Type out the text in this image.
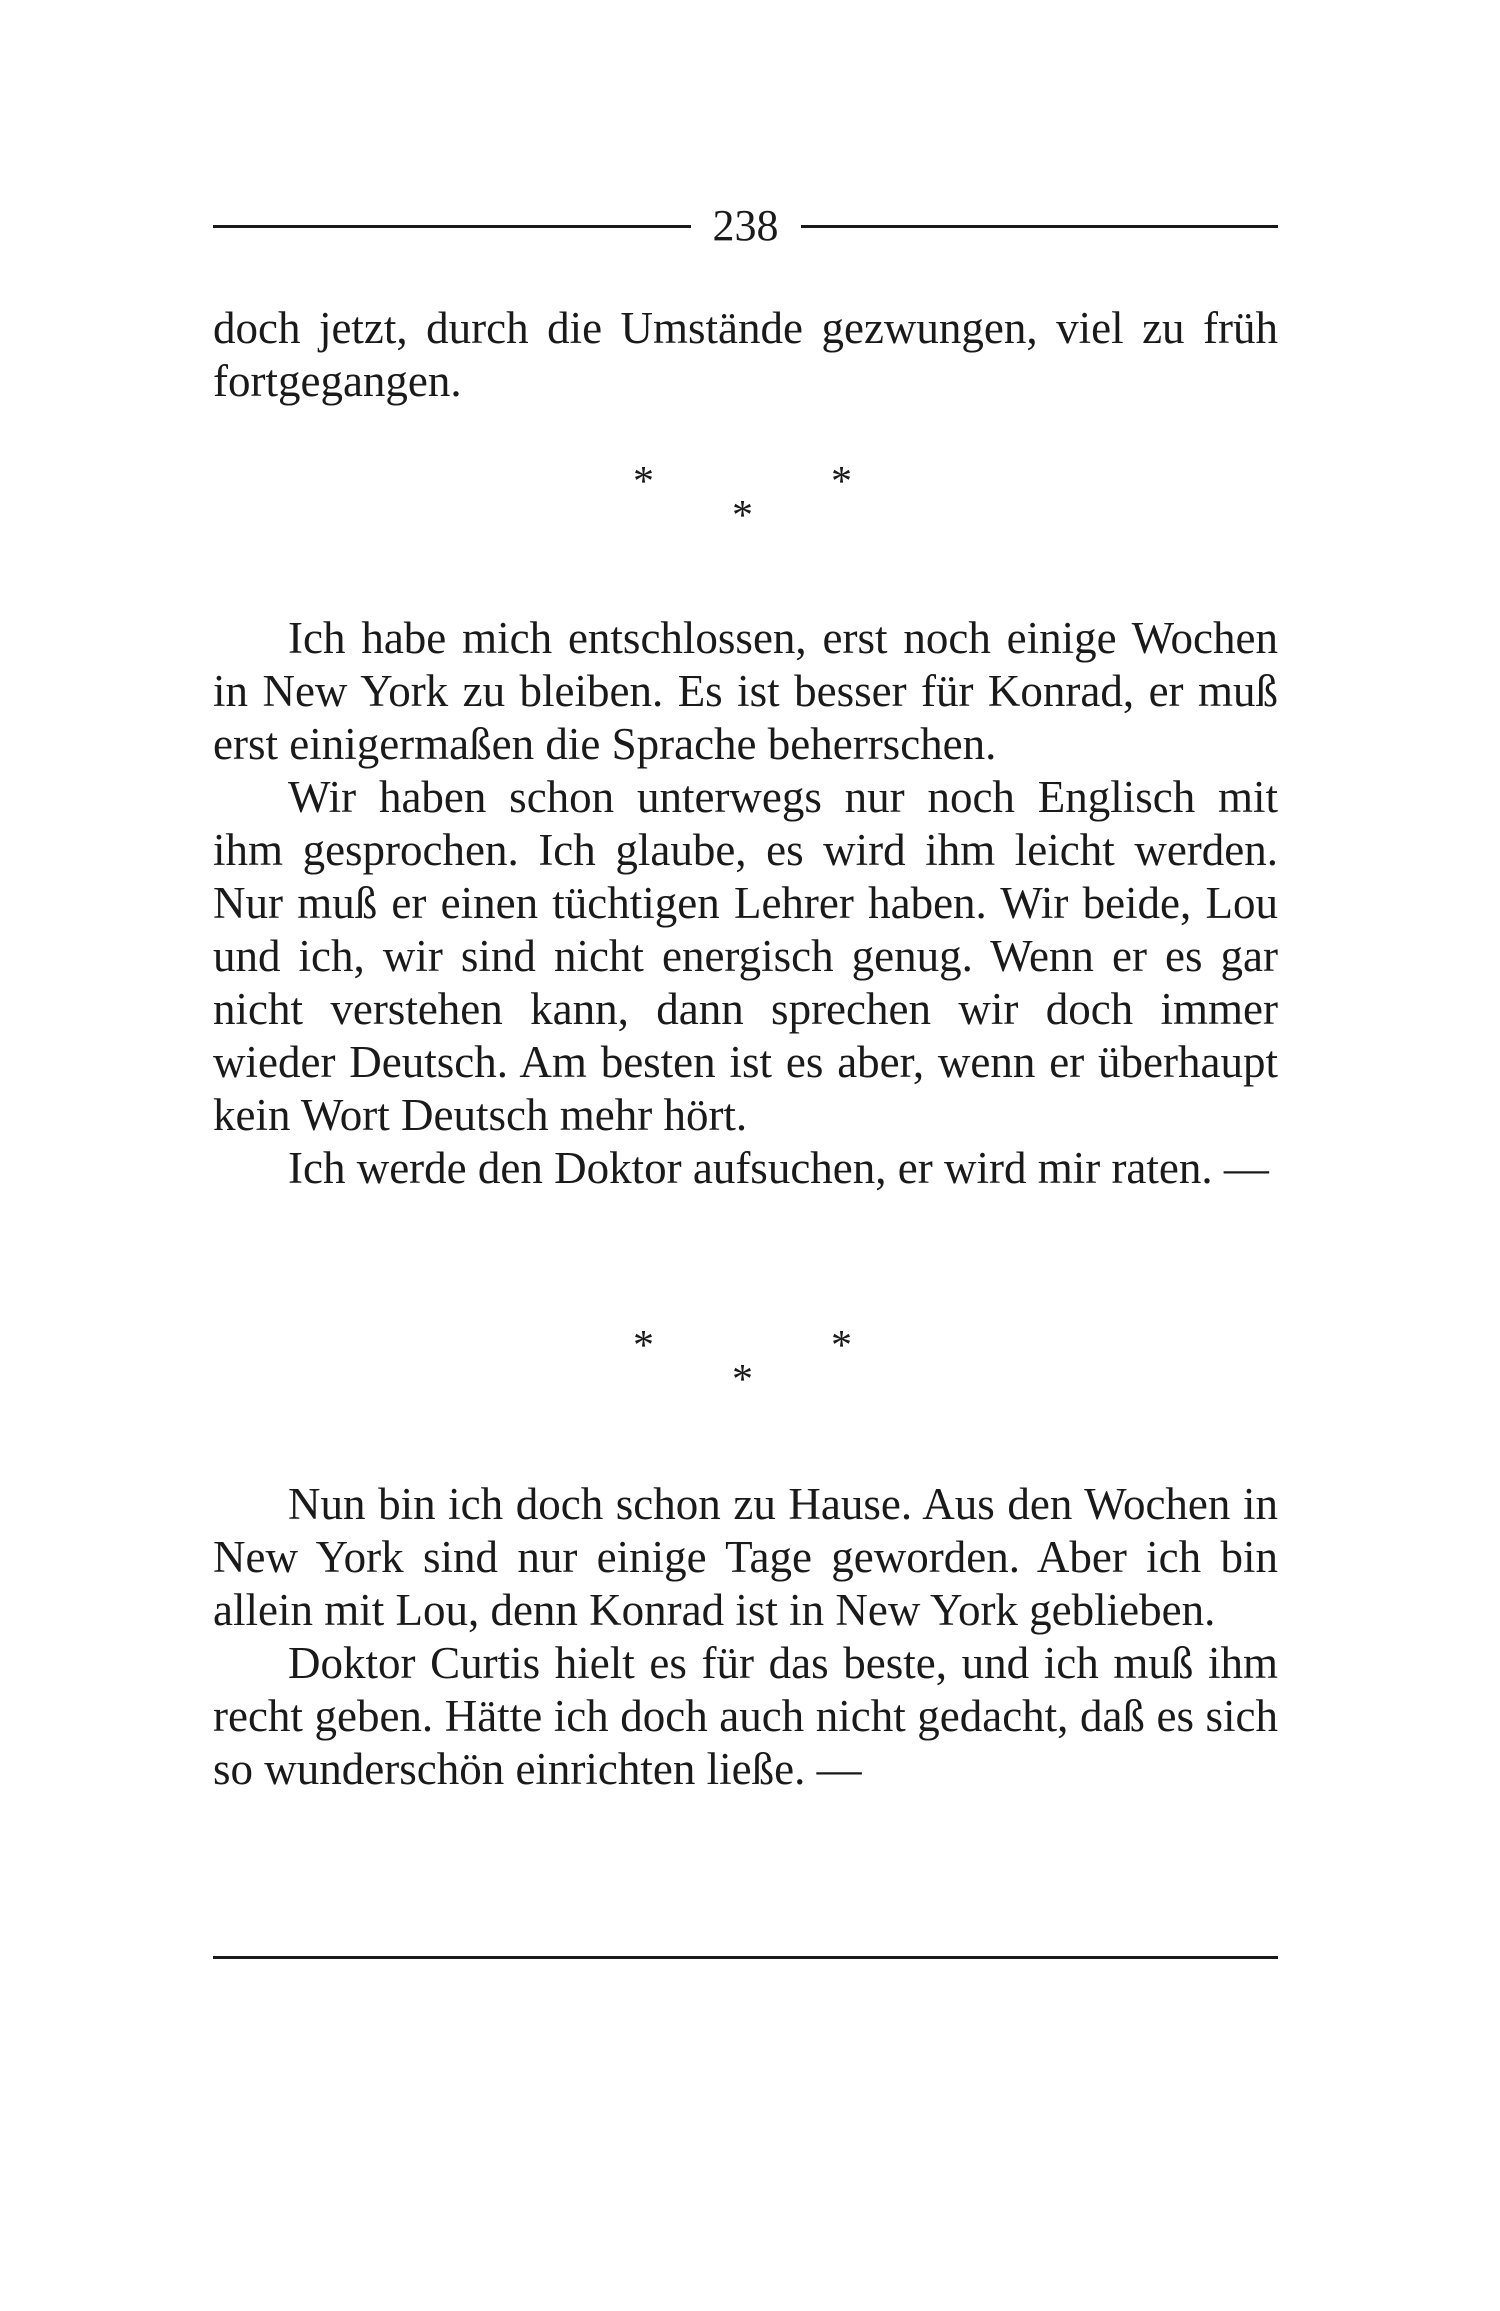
238

doch jetzt, durch die Umstände gezwungen, viel zu früh fortgegangen.

*	*
*

Ich habe mich entschlossen, erst noch einige Wochen in New York zu bleiben. Es ist besser für Konrad, er muß erst einigermaßen die Sprache beherrschen.

Wir haben schon unterwegs nur noch Englisch mit ihm gesprochen. Ich glaube, es wird ihm leicht werden. Nur muß er einen tüchtigen Lehrer haben. Wir beide, Lou und ich, wir sind nicht energisch genug. Wenn er es gar nicht verstehen kann, dann sprechen wir doch immer wieder Deutsch. Am besten ist es aber, wenn er überhaupt kein Wort Deutsch mehr hört.

Ich werde den Doktor aufsuchen, er wird mir raten. —

*	*
*

Nun bin ich doch schon zu Hause. Aus den Wochen in New York sind nur einige Tage geworden. Aber ich bin allein mit Lou, denn Konrad ist in New York geblieben.

Doktor Curtis hielt es für das beste, und ich muß ihm recht geben. Hätte ich doch auch nicht gedacht, daß es sich so wunderschön einrichten ließe. —
